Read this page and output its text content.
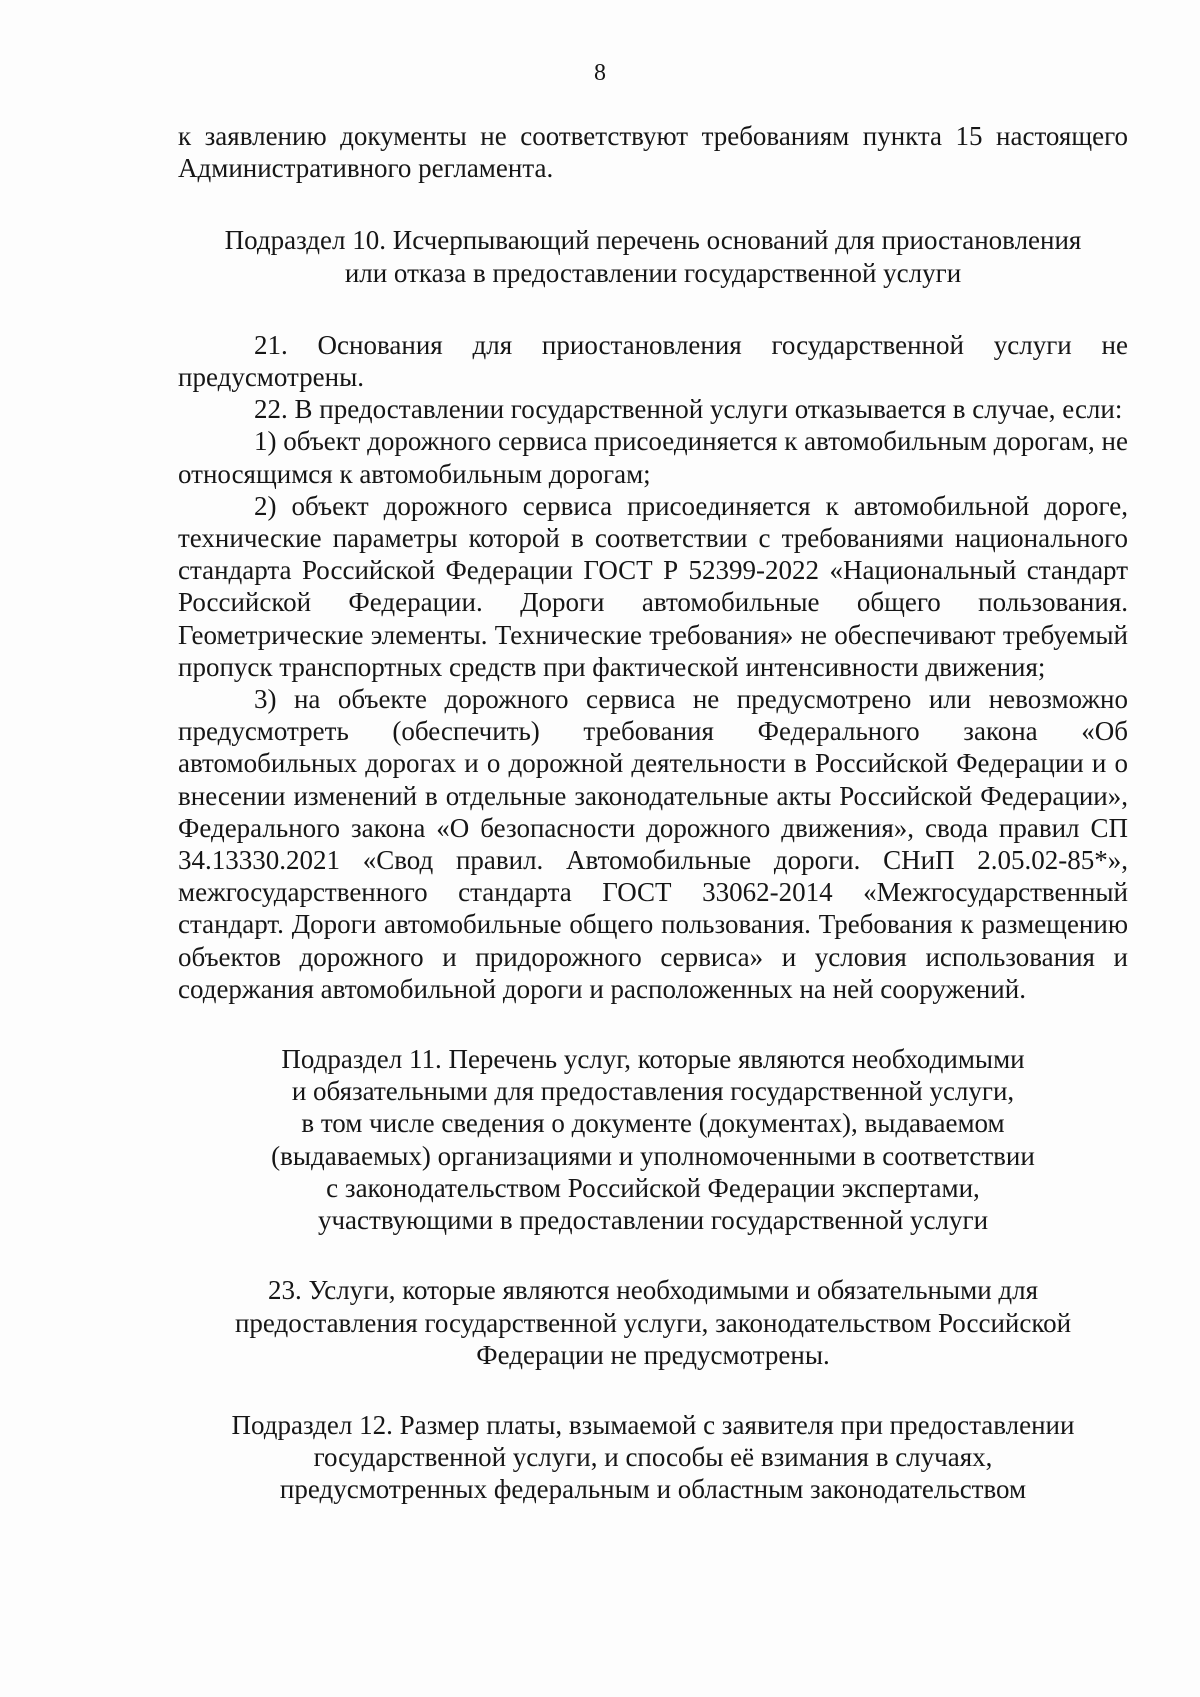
8

к заявлению документы не соответствуют требованиям пункта 15 настоящего Административного регламента.

Подраздел 10. Исчерпывающий перечень оснований для приостановления
или отказа в предоставлении государственной услуги

21. Основания для приостановления государственной услуги не предусмотрены.

22. В предоставлении государственной услуги отказывается в случае, если:

1) объект дорожного сервиса присоединяется к автомобильным дорогам, не относящимся к автомобильным дорогам;

2) объект дорожного сервиса присоединяется к автомобильной дороге, технические параметры которой в соответствии с требованиями национального стандарта Российской Федерации ГОСТ Р 52399-2022 «Национальный стандарт Российской Федерации. Дороги автомобильные общего пользования. Геометрические элементы. Технические требования» не обеспечивают требуемый пропуск транспортных средств при фактической интенсивности движения;

3) на объекте дорожного сервиса не предусмотрено или невозможно предусмотреть (обеспечить) требования Федерального закона «Об автомобильных дорогах и о дорожной деятельности в Российской Федерации и о внесении изменений в отдельные законодательные акты Российской Федерации», Федерального закона «О безопасности дорожного движения», свода правил СП 34.13330.2021 «Свод правил. Автомобильные дороги. СНиП 2.05.02-85*», межгосударственного стандарта ГОСТ 33062-2014 «Межгосударственный стандарт. Дороги автомобильные общего пользования. Требования к размещению объектов дорожного и придорожного сервиса» и условия использования и содержания автомобильной дороги и расположенных на ней сооружений.

Подраздел 11. Перечень услуг, которые являются необходимыми
и обязательными для предоставления государственной услуги,
в том числе сведения о документе (документах), выдаваемом
(выдаваемых) организациями и уполномоченными в соответствии
с законодательством Российской Федерации экспертами,
участвующими в предоставлении государственной услуги

23. Услуги, которые являются необходимыми и обязательными для
предоставления государственной услуги, законодательством Российской
Федерации не предусмотрены.

Подраздел 12. Размер платы, взымаемой с заявителя при предоставлении
государственной услуги, и способы её взимания в случаях,
предусмотренных федеральным и областным законодательством
